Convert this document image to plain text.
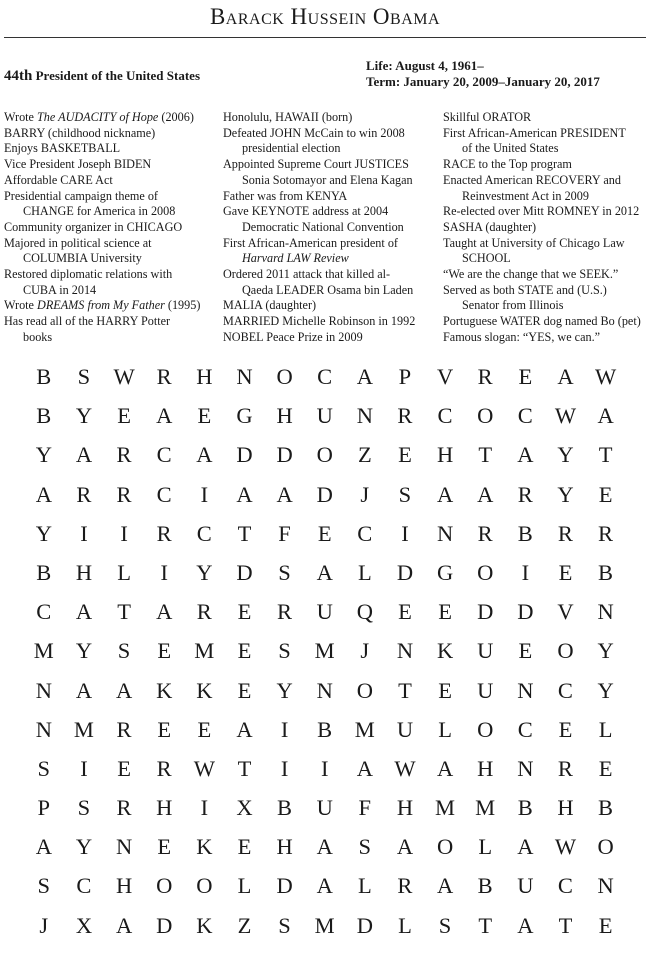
Barack Hussein Obama
44th President of the United States
Life: August 4, 1961–
Term: January 20, 2009–January 20, 2017
Wrote The AUDACITY of Hope (2006)
BARRY (childhood nickname)
Enjoys BASKETBALL
Vice President Joseph BIDEN
Affordable CARE Act
Presidential campaign theme of
CHANGE for America in 2008
Community organizer in CHICAGO
Majored in political science at
COLUMBIA University
Restored diplomatic relations with
CUBA in 2014
Wrote DREAMS from My Father (1995)
Has read all of the HARRY Potter
books
Honolulu, HAWAII (born)
Defeated JOHN McCain to win 2008
presidential election
Appointed Supreme Court JUSTICES
Sonia Sotomayor and Elena Kagan
Father was from KENYA
Gave KEYNOTE address at 2004
Democratic National Convention
First African-American president of
Harvard LAW Review
Ordered 2011 attack that killed al-
Qaeda LEADER Osama bin Laden
MALIA (daughter)
MARRIED Michelle Robinson in 1992
NOBEL Peace Prize in 2009
Skillful ORATOR
First African-American PRESIDENT
of the United States
RACE to the Top program
Enacted American RECOVERY and
Reinvestment Act in 2009
Re-elected over Mitt ROMNEY in 2012
SASHA (daughter)
Taught at University of Chicago Law
SCHOOL
“We are the change that we SEEK.”
Served as both STATE and (U.S.)
Senator from Illinois
Portuguese WATER dog named Bo (pet)
Famous slogan: “YES, we can.”
B	S	W R	H	N	O	C	A	P	V	R	E	A W
B	Y	E	A	E	G	H	U	N	R	C	O	C W A
Y	A	R	C	A	D	D	O	Z	E	H	T	A	Y	T
A	R	R	C	I	A	A	D	J	S	A	A	R	Y	E
Y	I	I	R	C	T	F	E	C	I	N	R	B	R	R
B	H	L	I	Y	D	S	A	L	D	G	O	I	E	B
C	A	T	A	R	E	R	U	Q	E	E	D	D	V	N
M Y	S	E	M	E	S	M	J	N	K	U	E	O	Y
N	A	A	K	K	E	Y	N	O	T	E	U	N	C	Y
N M R	E	E	A	I	B M U	L	O	C	E	L
S	I	E	R W T	I	I	A W A	H	N	R	E
P	S	R	H	I	X	B	U	F	H M M B	H	B
A	Y	N	E	K	E	H	A	S	A	O	L	A W O
S	C	H	O	O	L	D	A	L	R	A	B	U	C	N
J	X	A	D	K	Z	S	M D	L	S	T	A	T	E
